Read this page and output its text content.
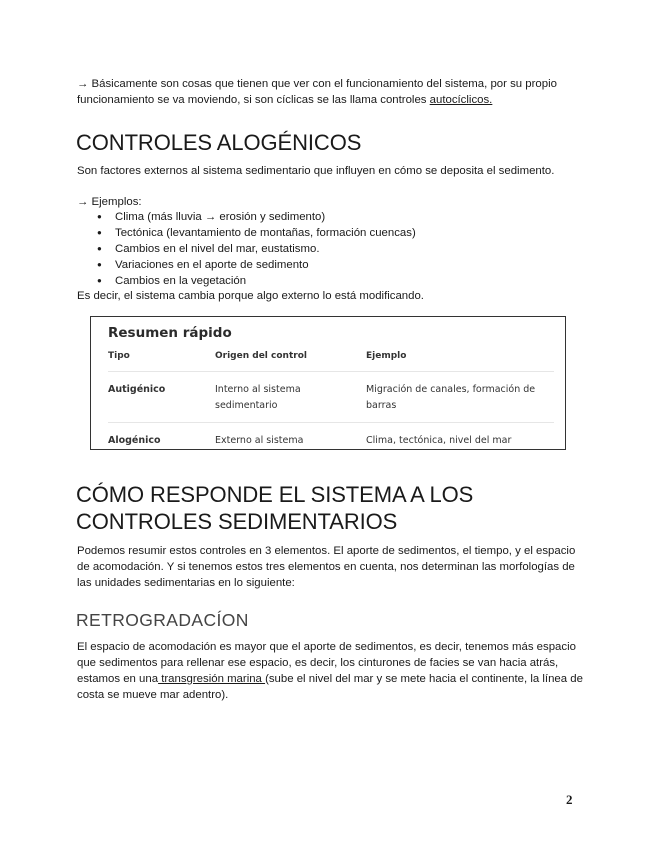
→ Básicamente son cosas que tienen que ver con el funcionamiento del sistema, por su propio funcionamiento se va moviendo, si son cíclicas se las llama controles autocíclicos.

CONTROLES ALOGÉNICOS

Son factores externos al sistema sedimentario que influyen en cómo se deposita el sedimento.

→ Ejemplos:

● Clima (más lluvia → erosión y sedimento)
● Tectónica (levantamiento de montañas, formación cuencas)
● Cambios en el nivel del mar, eustatismo.
● Variaciones en el aporte de sedimento
● Cambios en la vegetación

Es decir, el sistema cambia porque algo externo lo está modificando.

Resumen rápido
Tipo	Origen del control	Ejemplo
Autigénico	Interno al sistema sedimentario	Migración de canales, formación de barras
Alogénico	Externo al sistema	Clima, tectónica, nivel del mar
CÓMO RESPONDE EL SISTEMA A LOS CONTROLES SEDIMENTARIOS

Podemos resumir estos controles en 3 elementos. El aporte de sedimentos, el tiempo, y el espacio de acomodación. Y si tenemos estos tres elementos en cuenta, nos determinan las morfologías de las unidades sedimentarias en lo siguiente:

RETROGRADACÍON

El espacio de acomodación es mayor que el aporte de sedimentos, es decir, tenemos más espacio que sedimentos para rellenar ese espacio, es decir, los cinturones de facies se van hacia atrás, estamos en una transgresión marina (sube el nivel del mar y se mete hacia el continente, la línea de costa se mueve mar adentro).

2
